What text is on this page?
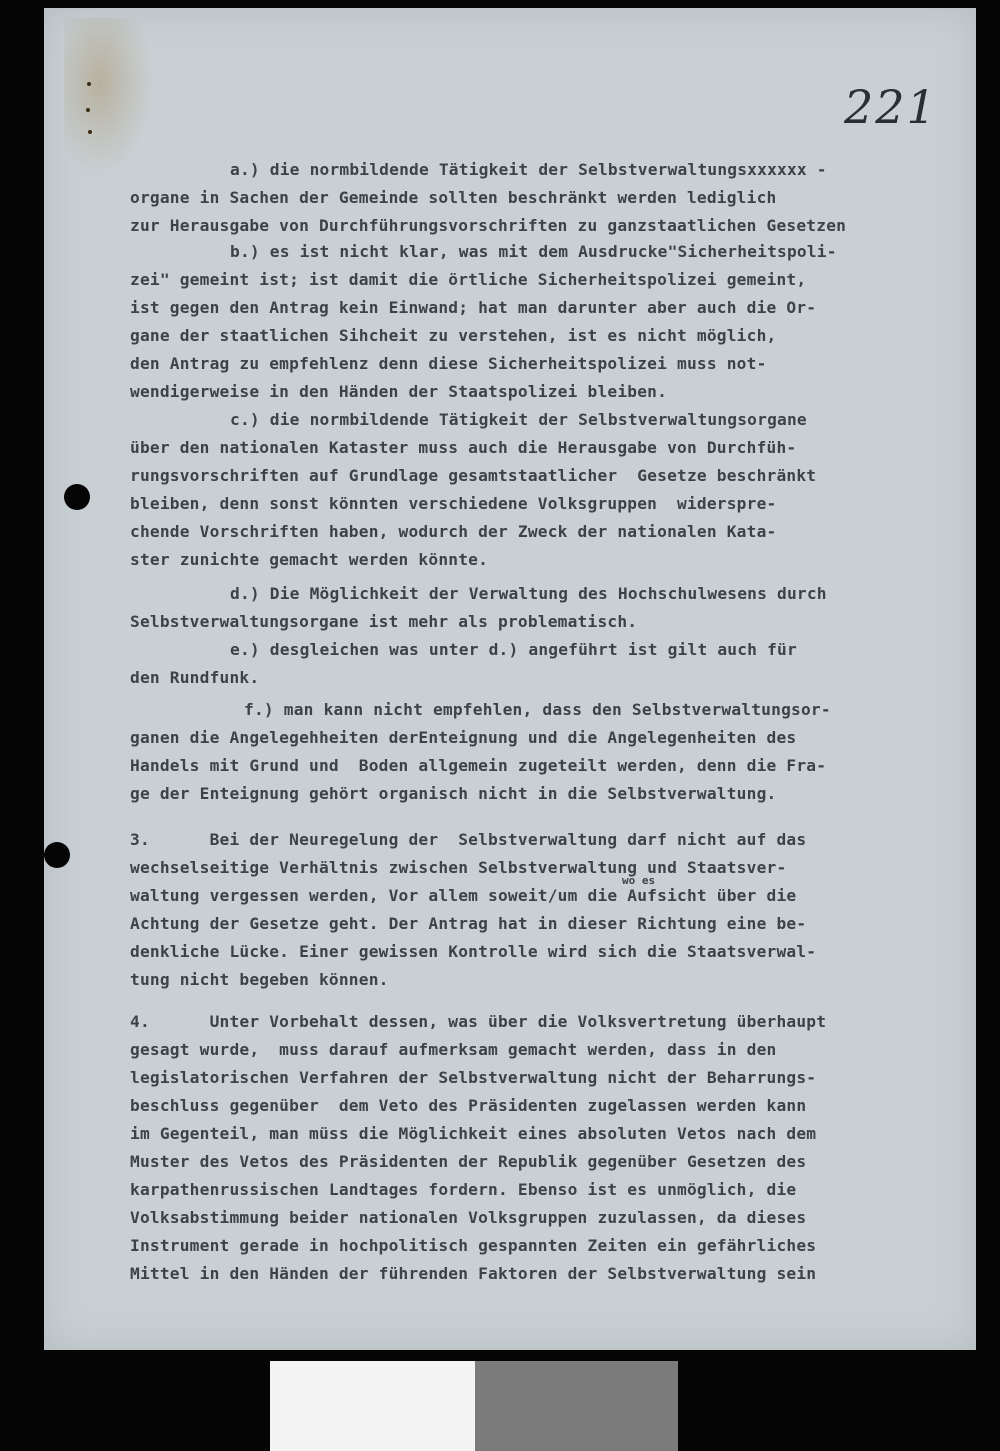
221
a.) die normbildende Tätigkeit der Selbstverwaltungsxxxxxx -
organe in Sachen der Gemeinde sollten beschränkt werden lediglich
zur Herausgabe von Durchführungsvorschriften zu ganzstaatlichen Gesetzen
b.) es ist nicht klar, was mit dem Ausdrucke"Sicherheitspoli-
zei" gemeint ist; ist damit die örtliche Sicherheitspolizei gemeint,
ist gegen den Antrag kein Einwand; hat man darunter aber auch die Or-
gane der staatlichen Sihcheit zu verstehen, ist es nicht möglich,
den Antrag zu empfehlenz denn diese Sicherheitspolizei muss not-
wendigerweise in den Händen der Staatspolizei bleiben.
c.) die normbildende Tätigkeit der Selbstverwaltungsorgane
über den nationalen Kataster muss auch die Herausgabe von Durchfüh-
rungsvorschriften auf Grundlage gesamtstaatlicher  Gesetze beschränkt
bleiben, denn sonst könnten verschiedene Volksgruppen  widerspre-
chende Vorschriften haben, wodurch der Zweck der nationalen Kata-
ster zunichte gemacht werden könnte.
d.) Die Möglichkeit der Verwaltung des Hochschulwesens durch
Selbstverwaltungsorgane ist mehr als problematisch.
e.) desgleichen was unter d.) angeführt ist gilt auch für
den Rundfunk.
f.) man kann nicht empfehlen, dass den Selbstverwaltungsor-
ganen die Angelegehheiten derEnteignung und die Angelegenheiten des
Handels mit Grund und  Boden allgemein zugeteilt werden, denn die Fra-
ge der Enteignung gehört organisch nicht in die Selbstverwaltung.
3.      Bei der Neuregelung der  Selbstverwaltung darf nicht auf das
wechselseitige Verhältnis zwischen Selbstverwaltung und Staatsver-
wo es
waltung vergessen werden, Vor allem soweit/um die Aufsicht über die
Achtung der Gesetze geht. Der Antrag hat in dieser Richtung eine be-
denkliche Lücke. Einer gewissen Kontrolle wird sich die Staatsverwal-
tung nicht begeben können.
4.      Unter Vorbehalt dessen, was über die Volksvertretung überhaupt
gesagt wurde,  muss darauf aufmerksam gemacht werden, dass in den
legislatorischen Verfahren der Selbstverwaltung nicht der Beharrungs-
beschluss gegenüber  dem Veto des Präsidenten zugelassen werden kann
im Gegenteil, man müss die Möglichkeit eines absoluten Vetos nach dem
Muster des Vetos des Präsidenten der Republik gegenüber Gesetzen des
karpathenrussischen Landtages fordern. Ebenso ist es unmöglich, die
Volksabstimmung beider nationalen Volksgruppen zuzulassen, da dieses
Instrument gerade in hochpolitisch gespannten Zeiten ein gefährliches
Mittel in den Händen der führenden Faktoren der Selbstverwaltung sein
